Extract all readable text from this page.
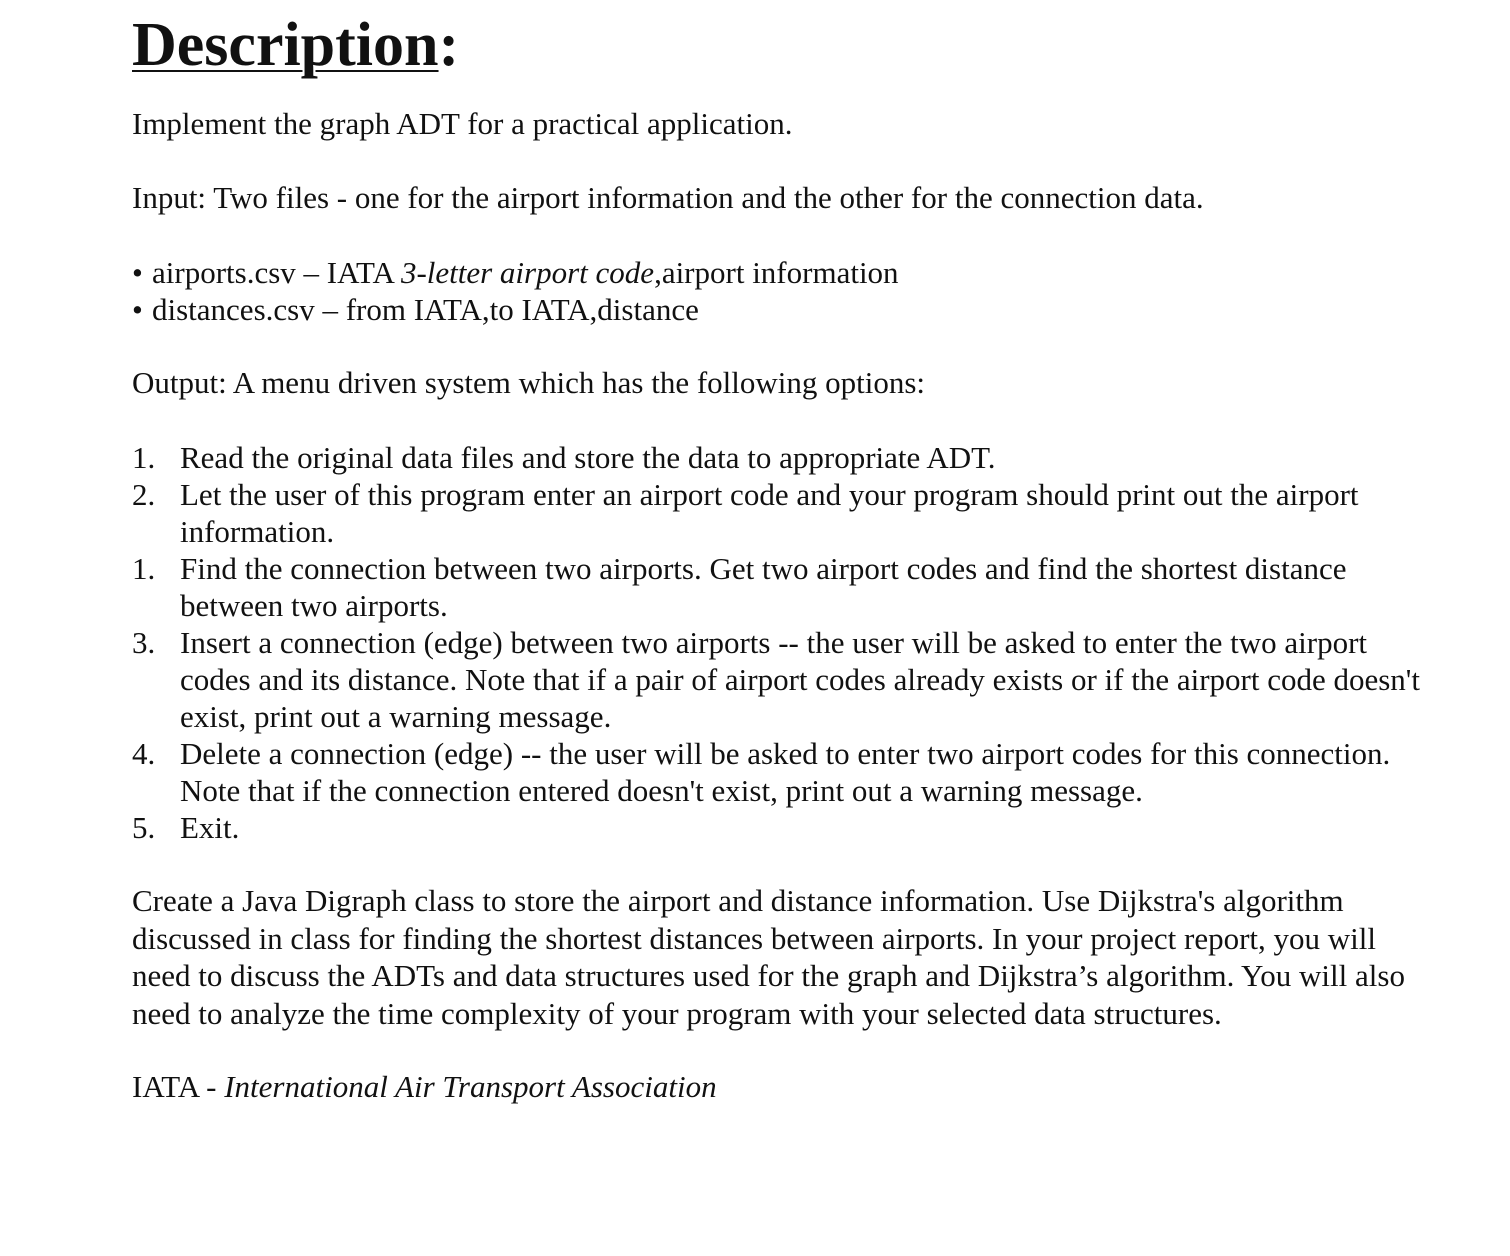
Description:

Implement the graph ADT for a practical application.

Input: Two files - one for the airport information and the other for the connection data.

• airports.csv – IATA 3-letter airport code,airport information
• distances.csv – from IATA,to IATA,distance

Output: A menu driven system which has the following options:

1. Read the original data files and store the data to appropriate ADT.
2. Let the user of this program enter an airport code and your program should print out the airport information.
1. Find the connection between two airports. Get two airport codes and find the shortest distance between two airports.
3. Insert a connection (edge) between two airports -- the user will be asked to enter the two airport codes and its distance. Note that if a pair of airport codes already exists or if the airport code doesn't exist, print out a warning message.
4. Delete a connection (edge) -- the user will be asked to enter two airport codes for this connection. Note that if the connection entered doesn't exist, print out a warning message.
5. Exit.

Create a Java Digraph class to store the airport and distance information. Use Dijkstra's algorithm discussed in class for finding the shortest distances between airports. In your project report, you will need to discuss the ADTs and data structures used for the graph and Dijkstra’s algorithm. You will also need to analyze the time complexity of your program with your selected data structures.

IATA - International Air Transport Association
